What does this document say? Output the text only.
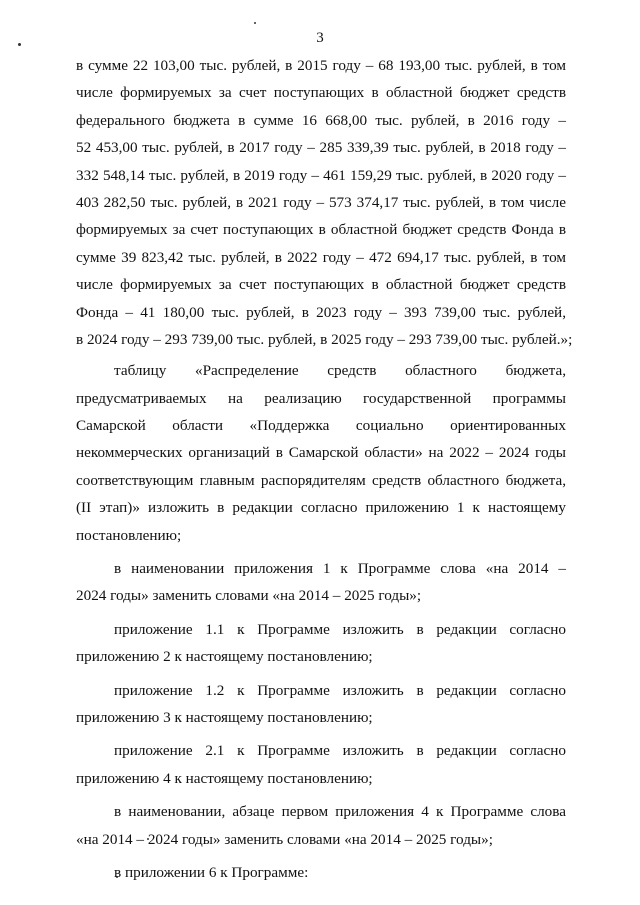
3
в сумме 22 103,00 тыс. рублей, в 2015 году – 68 193,00 тыс. рублей, в том
числе формируемых за счет поступающих в областной бюджет средств
федерального бюджета в сумме 16 668,00 тыс. рублей, в 2016 году –
52 453,00 тыс. рублей, в 2017 году – 285 339,39 тыс. рублей, в 2018 году –
332 548,14 тыс. рублей, в 2019 году – 461 159,29 тыс. рублей, в 2020 году –
403 282,50 тыс. рублей, в 2021 году – 573 374,17 тыс. рублей, в том числе
формируемых за счет поступающих в областной бюджет средств Фонда в
сумме 39 823,42 тыс. рублей, в 2022 году – 472 694,17 тыс. рублей, в том
числе формируемых за счет поступающих в областной бюджет средств
Фонда – 41 180,00 тыс. рублей, в 2023 году – 393 739,00 тыс. рублей,
в 2024 году – 293 739,00 тыс. рублей, в 2025 году – 293 739,00 тыс. рублей.»;
таблицу «Распределение средств областного бюджета,
предусматриваемых на реализацию государственной программы
Самарской области «Поддержка социально ориентированных
некоммерческих организаций в Самарской области» на 2022 – 2024 годы
соответствующим главным распорядителям средств областного бюджета,
(II этап)» изложить в редакции согласно приложению 1 к настоящему
постановлению;
в наименовании приложения 1 к Программе слова «на 2014 –
2024 годы» заменить словами «на 2014 – 2025 годы»;
приложение 1.1 к Программе изложить в редакции согласно
приложению 2 к настоящему постановлению;
приложение 1.2 к Программе изложить в редакции согласно
приложению 3 к настоящему постановлению;
приложение 2.1 к Программе изложить в редакции согласно
приложению 4 к настоящему постановлению;
в наименовании, абзаце первом приложения 4 к Программе слова
«на 2014 – 2024 годы» заменить словами «на 2014 – 2025 годы»;
в приложении 6 к Программе:
